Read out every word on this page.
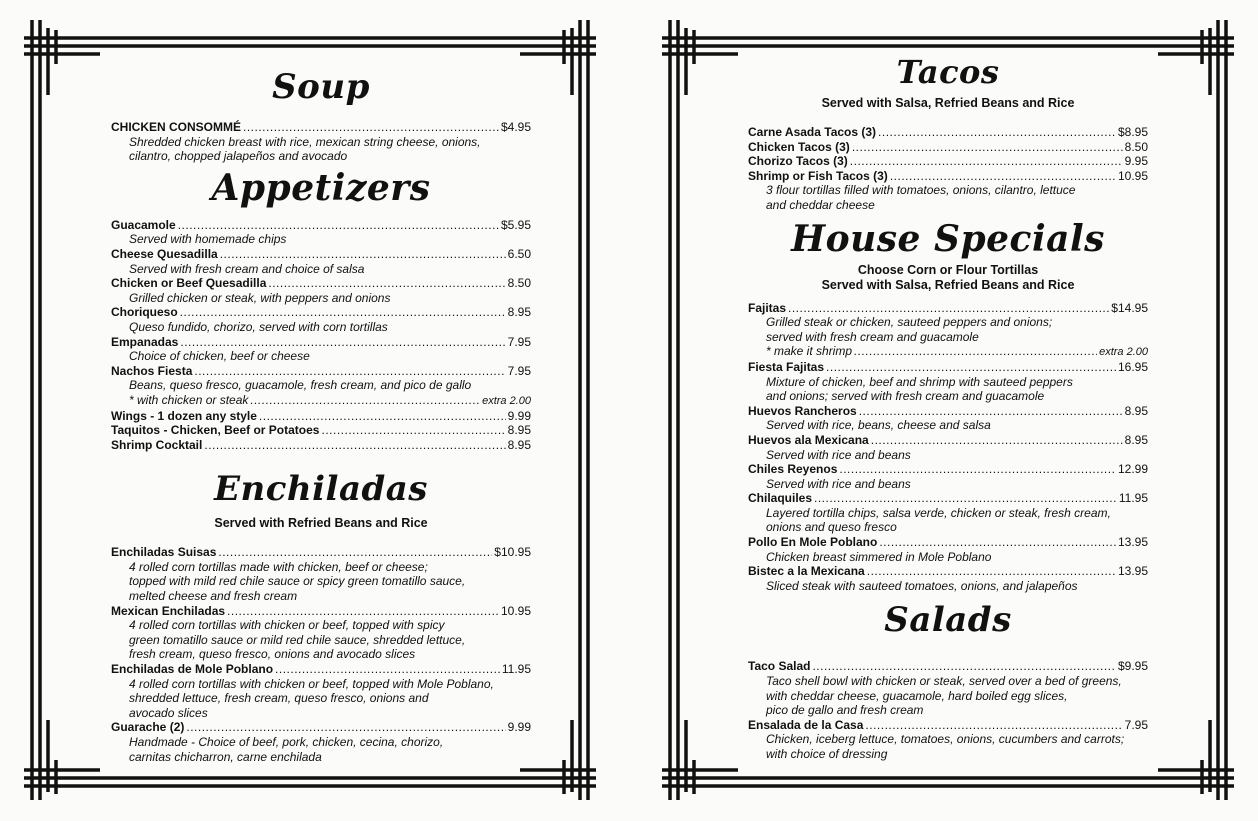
Soup
CHICKEN CONSOMMÉ .....	$4.95
Shredded chicken breast with rice, mexican string cheese, onions,
cilantro, chopped jalapeños and avocado
Appetizers
Guacamole .....	$5.95
Served with homemade chips
Cheese Quesadilla .....	6.50
Served with fresh cream and choice of salsa
Chicken or Beef Quesadilla .....	8.50
Grilled chicken or steak, with peppers and onions
Choriqueso .....	8.95
Queso fundido, chorizo, served with corn tortillas
Empanadas .....	7.95
Choice of chicken, beef or cheese
Nachos Fiesta .....	7.95
Beans, queso fresco, guacamole, fresh cream, and pico de gallo
* with chicken or steak .....	extra 2.00
Wings - 1 dozen any style .....	9.99
Taquitos - Chicken, Beef or Potatoes .....	8.95
Shrimp Cocktail .....	8.95
Enchiladas
Served with Refried Beans and Rice
Enchiladas Suisas .....	$10.95
4 rolled corn tortillas made with chicken, beef or cheese;
topped with mild red chile sauce or spicy green tomatillo sauce,
melted cheese and fresh cream
Mexican Enchiladas .....	10.95
4 rolled corn tortillas with chicken or beef, topped with spicy
green tomatillo sauce or mild red chile sauce, shredded lettuce,
fresh cream, queso fresco, onions and avocado slices
Enchiladas de Mole Poblano .....	11.95
4 rolled corn tortillas with chicken or beef, topped with Mole Poblano,
shredded lettuce, fresh cream, queso fresco, onions and
avocado slices
Guarache (2) .....	9.99
Handmade - Choice of beef, pork, chicken, cecina, chorizo,
carnitas chicharron, carne enchilada
Tacos
Served with Salsa, Refried Beans and Rice
Carne Asada Tacos (3) .....	$8.95
Chicken Tacos (3) .....	8.50
Chorizo Tacos (3) .....	9.95
Shrimp or Fish Tacos (3) .....	10.95
3 flour tortillas filled with tomatoes, onions, cilantro, lettuce
and cheddar cheese
House Specials
Choose Corn or Flour Tortillas
Served with Salsa, Refried Beans and Rice
Fajitas .....	$14.95
Grilled steak or chicken, sauteed peppers and onions;
served with fresh cream and guacamole
* make it shrimp .....	extra 2.00
Fiesta Fajitas .....	16.95
Mixture of chicken, beef and shrimp with sauteed peppers
and onions; served with fresh cream and guacamole
Huevos Rancheros .....	8.95
Served with rice, beans, cheese and salsa
Huevos ala Mexicana .....	8.95
Served with rice and beans
Chiles Reyenos .....	12.99
Served with rice and beans
Chilaquiles .....	11.95
Layered tortilla chips, salsa verde, chicken or steak, fresh cream,
onions and queso fresco
Pollo En Mole Poblano .....	13.95
Chicken breast simmered in Mole Poblano
Bistec a la Mexicana .....	13.95
Sliced steak with sauteed tomatoes, onions, and jalapeños
Salads
Taco Salad .....	$9.95
Taco shell bowl with chicken or steak, served over a bed of greens,
with cheddar cheese, guacamole, hard boiled egg slices,
pico de gallo and fresh cream
Ensalada de la Casa .....	7.95
Chicken, iceberg lettuce, tomatoes, onions, cucumbers and carrots;
with choice of dressing
